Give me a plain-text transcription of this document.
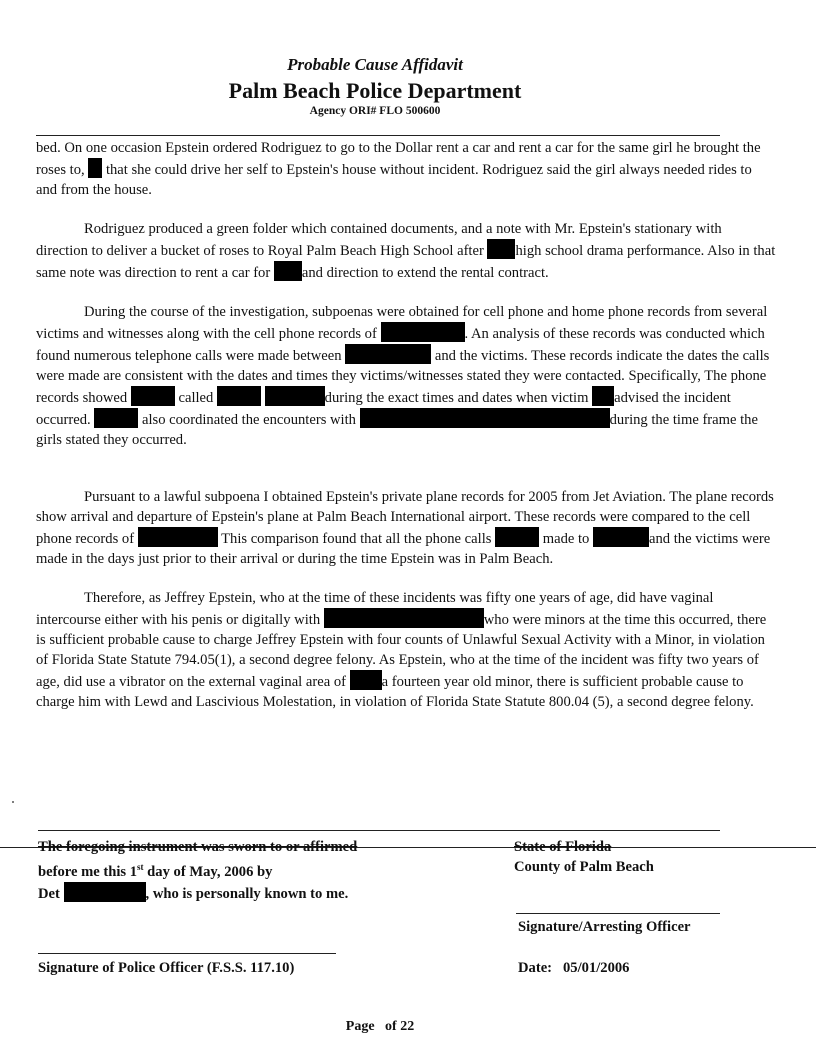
Probable Cause Affidavit
Palm Beach Police Department
Agency ORI# FLO 500600

bed. On one occasion Epstein ordered Rodriguez to go to the Dollar rent a car and rent a car for the same girl he brought the roses to,  that she could drive her self to Epstein's house without incident. Rodriguez said the girl always needed rides to and from the house.

Rodriguez produced a green folder which contained documents, and a note with Mr. Epstein's stationary with direction to deliver a bucket of roses to Royal Palm Beach High School after high school drama performance. Also in that same note was direction to rent a car for and direction to extend the rental contract.

During the course of the investigation, subpoenas were obtained for cell phone and home phone records from several victims and witnesses along with the cell phone records of	. An analysis of these records was conducted which found numerous telephone calls were made between	and the victims. These records indicate the dates the calls were made are consistent with the dates and times they victims/witnesses stated they were contacted. Specifically, The phone records showed	called	during the exact times and dates when victim advised the incident occurred.	also coordinated the encounters with	during the time frame the girls stated they occurred.

Pursuant to a lawful subpoena I obtained Epstein's private plane records for 2005 from Jet Aviation. The plane records show arrival and departure of Epstein's plane at Palm Beach International airport. These records were compared to the cell phone records of	This comparison found that all the phone calls	made to	and the victims were made in the days just prior to their arrival or during the time Epstein was in Palm Beach.

Therefore, as Jeffrey Epstein, who at the time of these incidents was fifty one years of age, did have vaginal intercourse either with his penis or digitally with	who were minors at the time this occurred, there is sufficient probable cause to charge Jeffrey Epstein with four counts of Unlawful Sexual Activity with a Minor, in violation of Florida State Statute 794.05(1), a second degree felony. As Epstein, who at the time of the incident was fifty two years of age, did use a vibrator on the external vaginal area of a fourteen year old minor, there is sufficient probable cause to charge him with Lewd and Lascivious Molestation, in violation of Florida State Statute 800.04 (5), a second degree felony.

The foregoing instrument was sworn to or affirmed
before me this 1st day of May, 2006 by
Det	, who is personally known to me.
State of Florida
County of Palm Beach
Signature/Arresting Officer
Signature of Police Officer (F.S.S. 117.10)	Date: 05/01/2006
Page of 22
